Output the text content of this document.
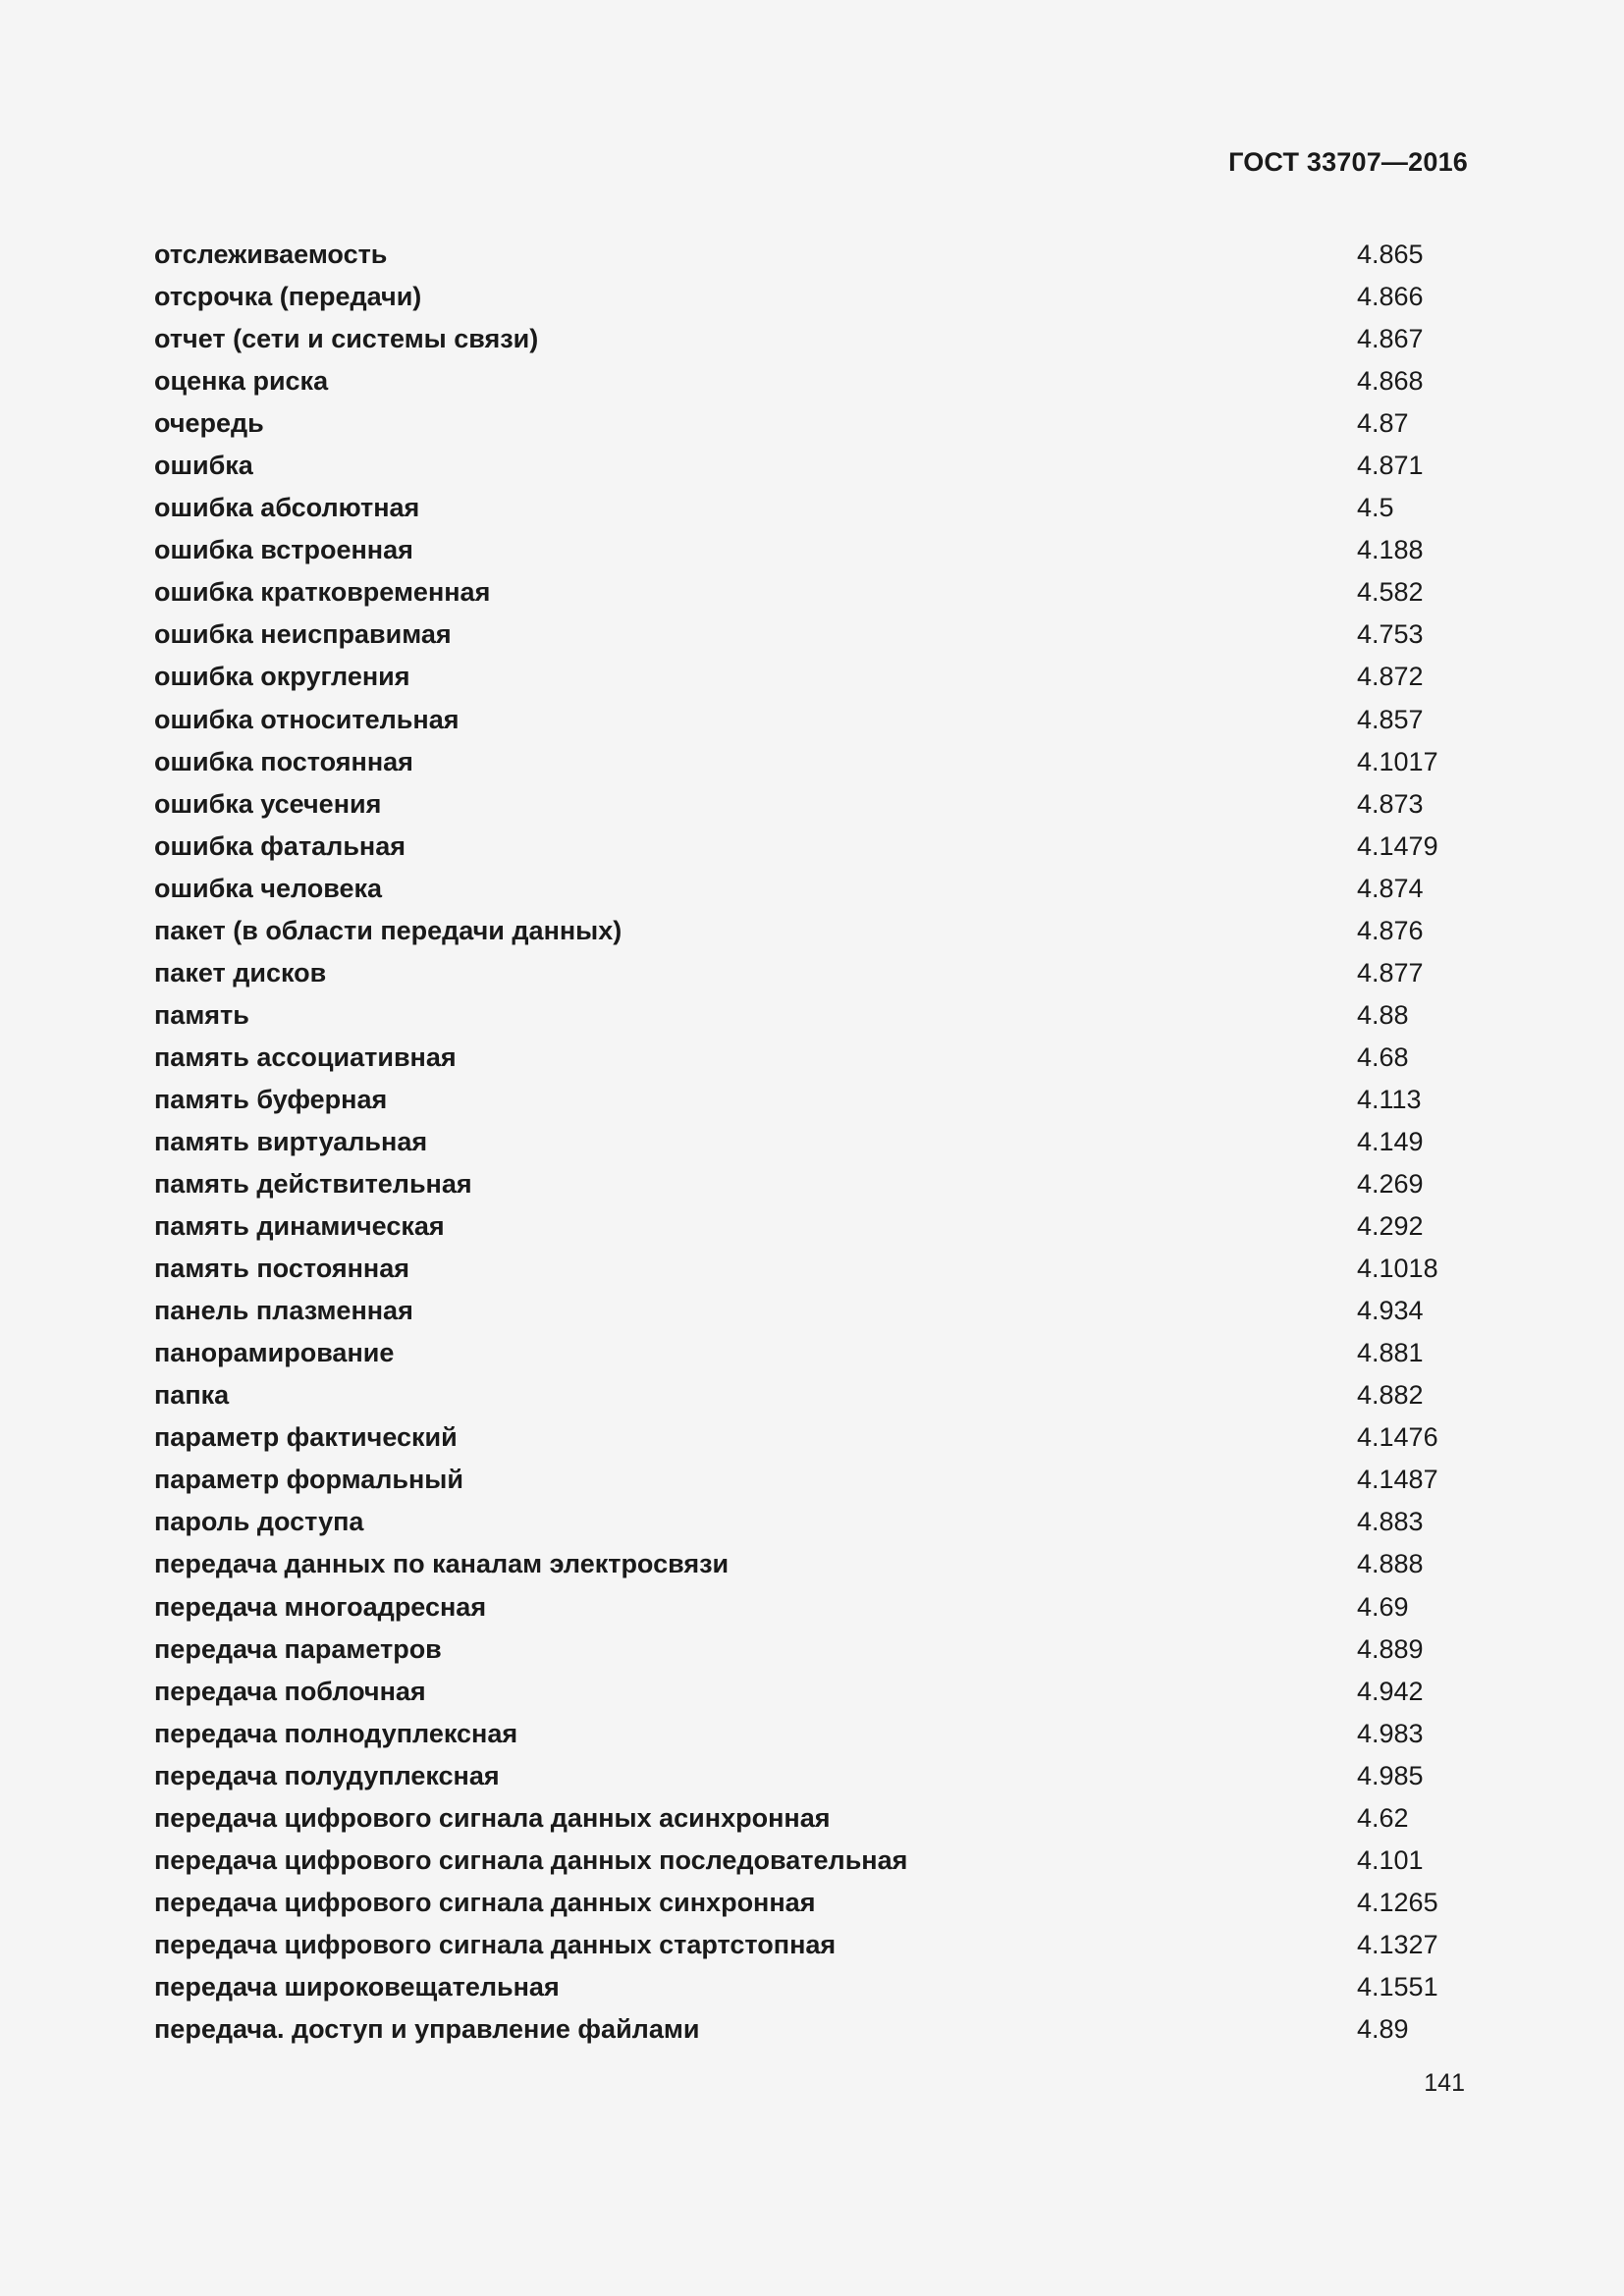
ГОСТ 33707—2016
отслеживаемость	4.865
отсрочка (передачи)	4.866
отчет (сети и системы связи)	4.867
оценка риска	4.868
очередь	4.87
ошибка	4.871
ошибка абсолютная	4.5
ошибка встроенная	4.188
ошибка кратковременная	4.582
ошибка неисправимая	4.753
ошибка округления	4.872
ошибка относительная	4.857
ошибка постоянная	4.1017
ошибка усечения	4.873
ошибка фатальная	4.1479
ошибка человека	4.874
пакет (в области передачи данных)	4.876
пакет дисков	4.877
память	4.88
память ассоциативная	4.68
память буферная	4.113
память виртуальная	4.149
память действительная	4.269
память динамическая	4.292
память постоянная	4.1018
панель плазменная	4.934
панорамирование	4.881
папка	4.882
параметр фактический	4.1476
параметр формальный	4.1487
пароль доступа	4.883
передача данных по каналам электросвязи	4.888
передача многоадресная	4.69
передача параметров	4.889
передача поблочная	4.942
передача полнодуплексная	4.983
передача полудуплексная	4.985
передача цифрового сигнала данных асинхронная	4.62
передача цифрового сигнала данных последовательная	4.101
передача цифрового сигнала данных синхронная	4.1265
передача цифрового сигнала данных стартстопная	4.1327
передача широковещательная	4.1551
передача. доступ и управление файлами	4.89
141
